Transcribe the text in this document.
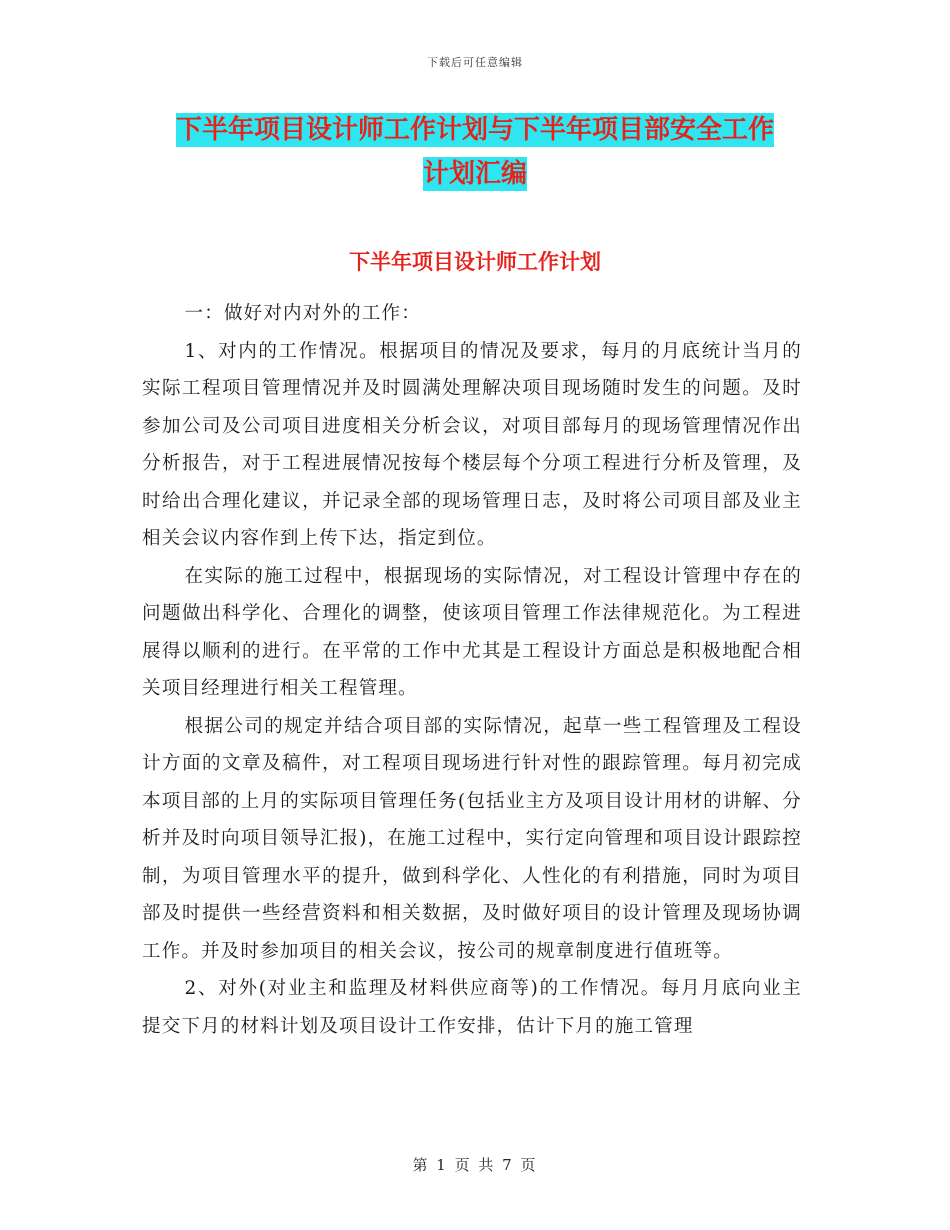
下载后可任意编辑
下半年项目设计师工作计划与下半年项目部安全工作
计划汇编
下半年项目设计师工作计划

一：做好对内对外的工作：

1、对内的工作情况。根据项目的情况及要求，每月的月底统计当月的实际工程项目管理情况并及时圆满处理解决项目现场随时发生的问题。及时参加公司及公司项目进度相关分析会议，对项目部每月的现场管理情况作出分析报告，对于工程进展情况按每个楼层每个分项工程进行分析及管理，及时给出合理化建议，并记录全部的现场管理日志，及时将公司项目部及业主相关会议内容作到上传下达，指定到位。

在实际的施工过程中，根据现场的实际情况，对工程设计管理中存在的问题做出科学化、合理化的调整，使该项目管理工作法律规范化。为工程进展得以顺利的进行。在平常的工作中尤其是工程设计方面总是积极地配合相关项目经理进行相关工程管理。

根据公司的规定并结合项目部的实际情况，起草一些工程管理及工程设计方面的文章及稿件，对工程项目现场进行针对性的跟踪管理。每月初完成本项目部的上月的实际项目管理任务(包括业主方及项目设计用材的讲解、分析并及时向项目领导汇报)，在施工过程中，实行定向管理和项目设计跟踪控制，为项目管理水平的提升，做到科学化、人性化的有利措施，同时为项目部及时提供一些经营资料和相关数据，及时做好项目的设计管理及现场协调工作。并及时参加项目的相关会议，按公司的规章制度进行值班等。

2、对外(对业主和监理及材料供应商等)的工作情况。每月月底向业主提交下月的材料计划及项目设计工作安排，估计下月的施工管理

第 1 页 共 7 页
